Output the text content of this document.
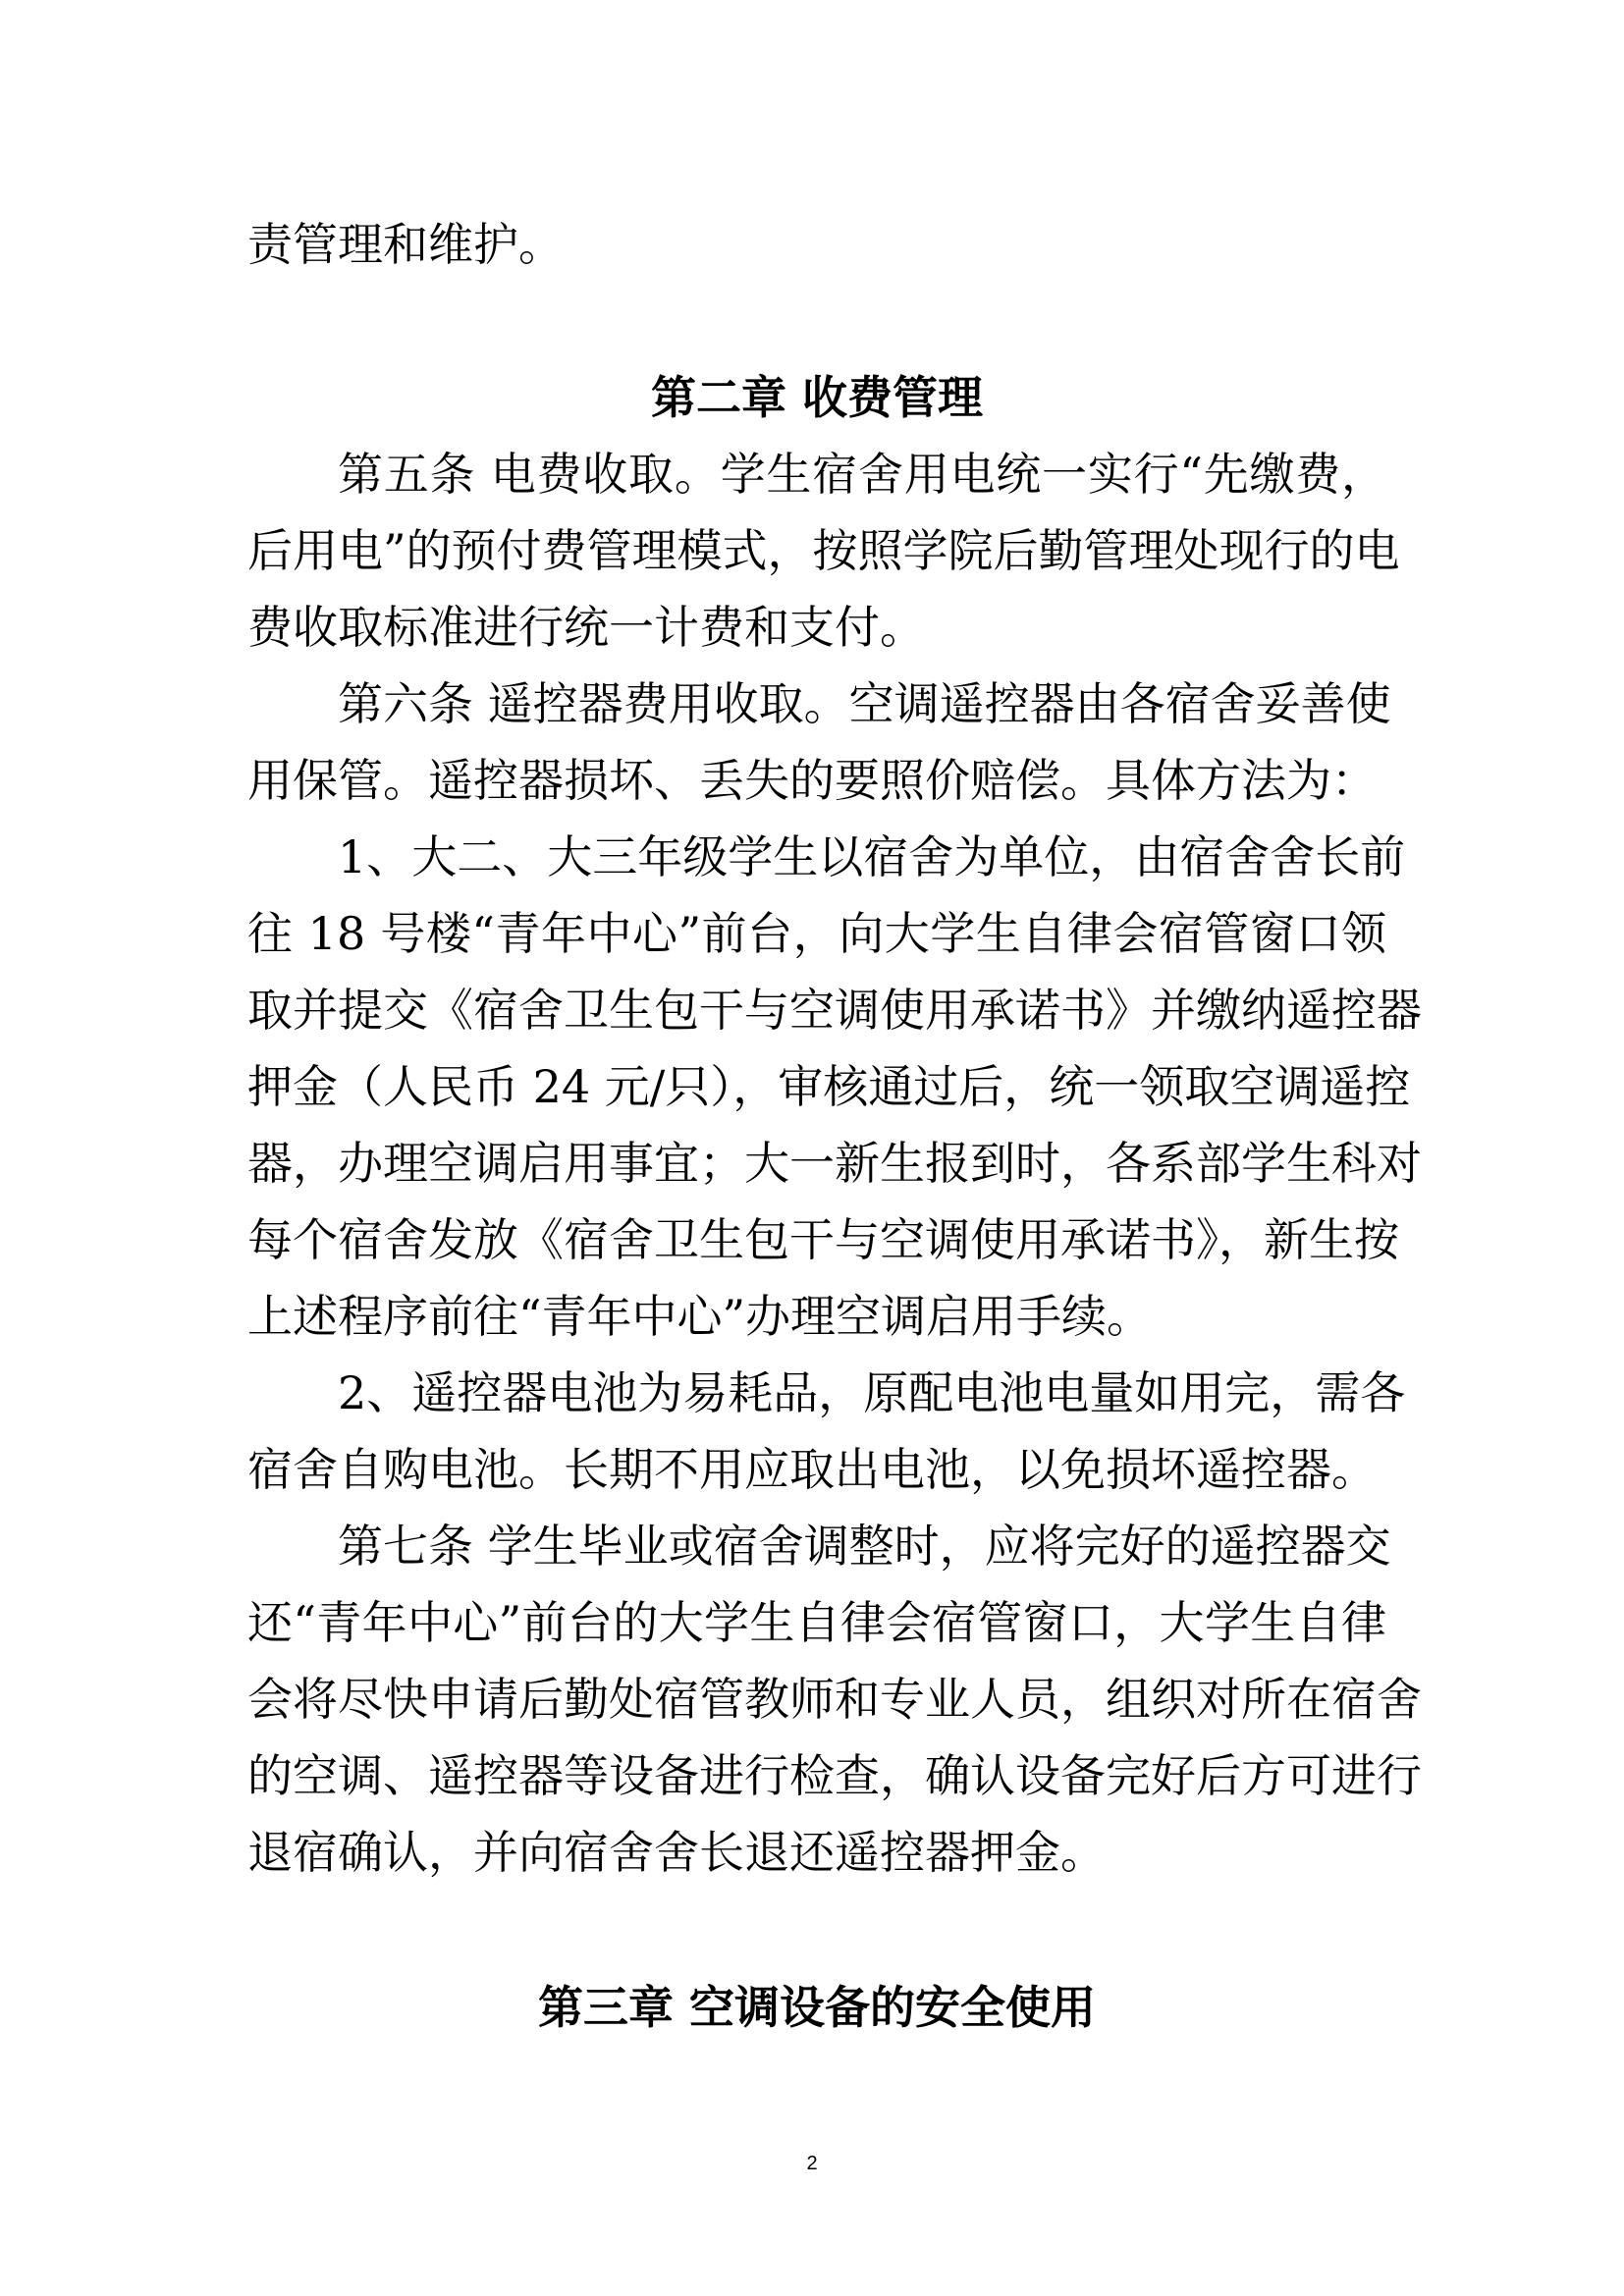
责管理和维护。
第二章 收费管理
第五条 电费收取。学生宿舍用电统一实行“先缴费，
后用电”的预付费管理模式，按照学院后勤管理处现行的电
费收取标准进行统一计费和支付。
第六条 遥控器费用收取。空调遥控器由各宿舍妥善使
用保管。遥控器损坏、丢失的要照价赔偿。具体方法为：
1、大二、大三年级学生以宿舍为单位，由宿舍舍长前
往 18 号楼“青年中心”前台，向大学生自律会宿管窗口领
取并提交《宿舍卫生包干与空调使用承诺书》并缴纳遥控器
押金（人民币 24 元/只），审核通过后，统一领取空调遥控
器，办理空调启用事宜；大一新生报到时，各系部学生科对
每个宿舍发放《宿舍卫生包干与空调使用承诺书》，新生按
上述程序前往“青年中心”办理空调启用手续。
2、遥控器电池为易耗品，原配电池电量如用完，需各
宿舍自购电池。长期不用应取出电池，以免损坏遥控器。
第七条 学生毕业或宿舍调整时，应将完好的遥控器交
还“青年中心”前台的大学生自律会宿管窗口，大学生自律
会将尽快申请后勤处宿管教师和专业人员，组织对所在宿舍
的空调、遥控器等设备进行检查，确认设备完好后方可进行
退宿确认，并向宿舍舍长退还遥控器押金。
第三章 空调设备的安全使用
2
